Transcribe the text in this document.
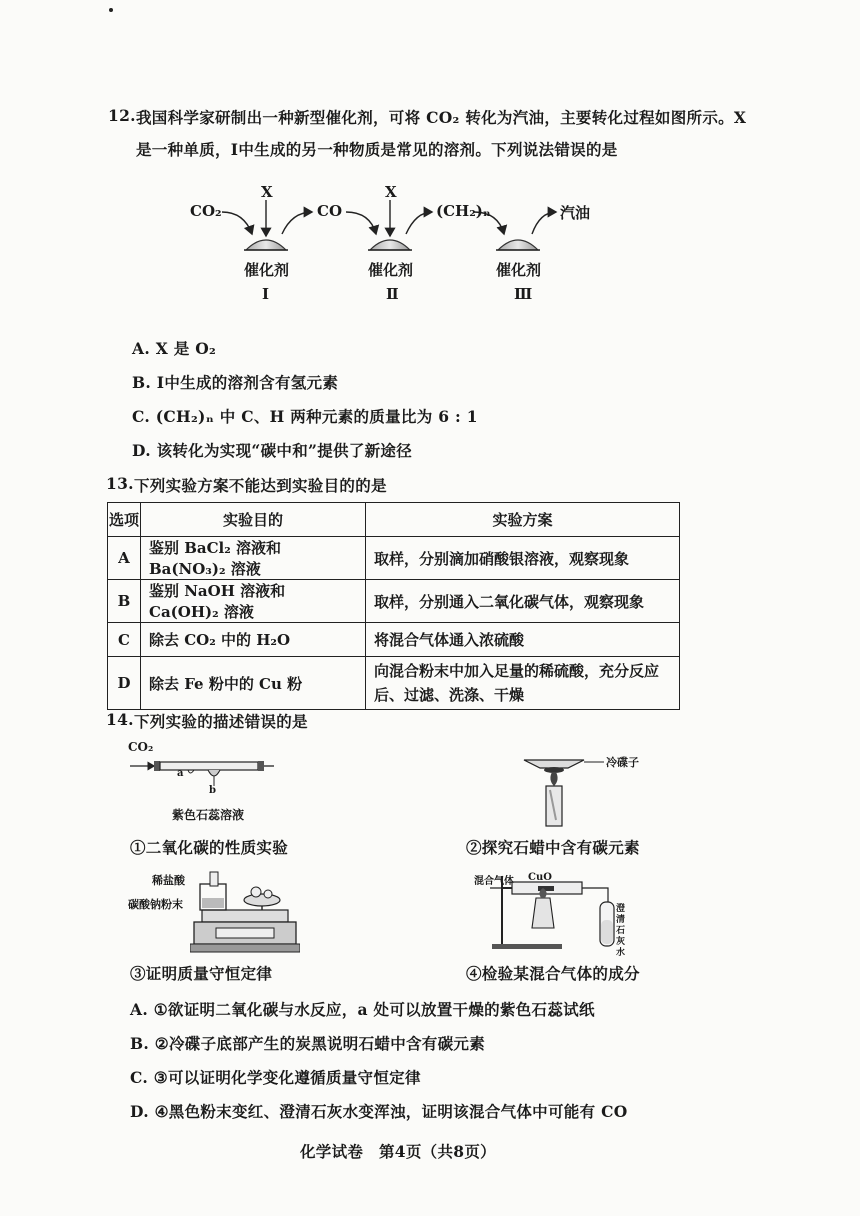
12. 我国科学家研制出一种新型催化剂，可将 CO₂ 转化为汽油，主要转化过程如图所示。X
是一种单质，Ⅰ中生成的另一种物质是常见的溶剂。下列说法错误的是
CO₂
X
CO
X
(CH₂)ₙ	汽油
催化剂	催化剂	催化剂
Ⅰ	Ⅱ	Ⅲ
A. X 是 O₂
B. Ⅰ中生成的溶剂含有氢元素
C. (CH₂)ₙ 中 C、H 两种元素的质量比为 6 : 1
D. 该转化为实现“碳中和”提供了新途径
13. 下列实验方案不能达到实验目的的是
选项	实验目的	实验方案
A	鉴别 BaCl₂ 溶液和 Ba(NO₃)₂ 溶液	取样，分别滴加硝酸银溶液，观察现象
B	鉴别 NaOH 溶液和 Ca(OH)₂ 溶液	取样，分别通入二氧化碳气体，观察现象
C	除去 CO₂ 中的 H₂O	将混合气体通入浓硫酸
D	除去 Fe 粉中的 Cu 粉	向混合粉末中加入足量的稀硫酸，充分反应后、过滤、洗涤、干燥
14. 下列实验的描述错误的是
CO₂
a
b
紫色石蕊溶液
①二氧化碳的性质实验
冷碟子
②探究石蜡中含有碳元素
稀盐酸
碳酸钠粉末
③证明质量守恒定律
混合气体 CuO
澄清石灰水
④检验某混合气体的成分
A. ①欲证明二氧化碳与水反应，a 处可以放置干燥的紫色石蕊试纸
B. ②冷碟子底部产生的炭黑说明石蜡中含有碳元素
C. ③可以证明化学变化遵循质量守恒定律
D. ④黑色粉末变红、澄清石灰水变浑浊，证明该混合气体中可能有 CO
化学试卷　第4页（共8页）
